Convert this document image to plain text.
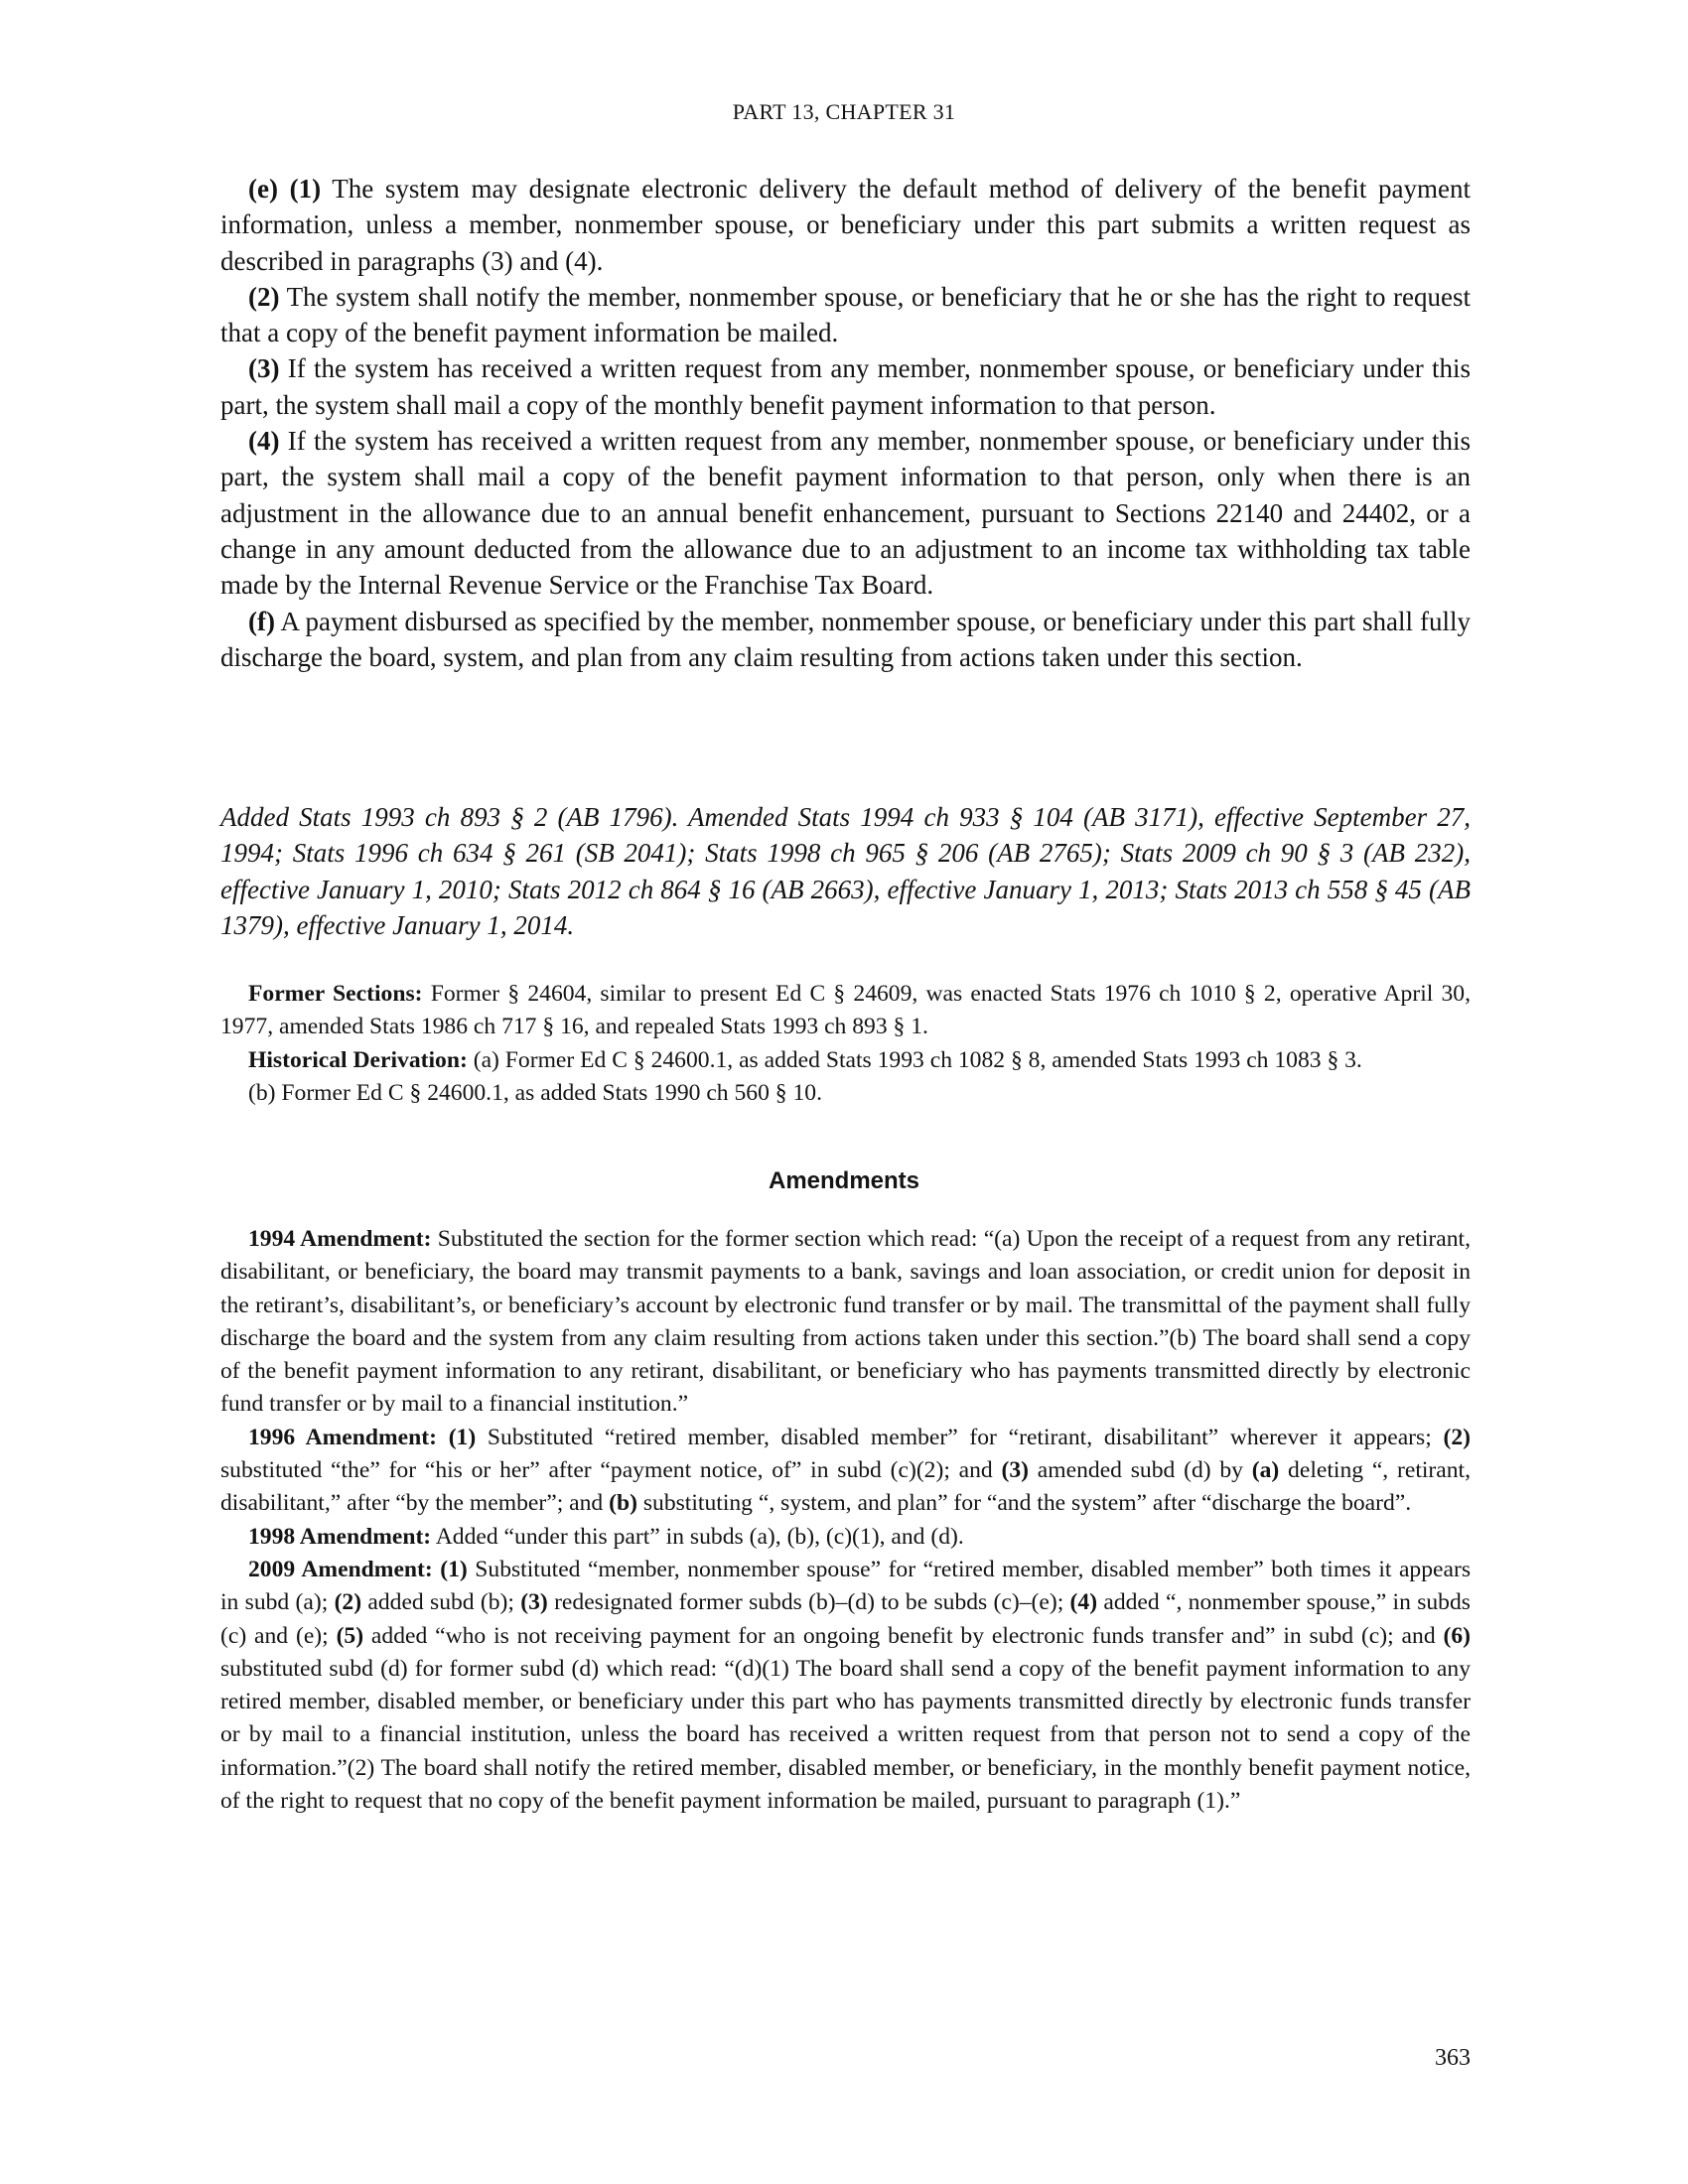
PART 13, CHAPTER 31

(e) (1) The system may designate electronic delivery the default method of delivery of the benefit payment information, unless a member, nonmember spouse, or beneficiary under this part submits a written request as described in paragraphs (3) and (4).

(2) The system shall notify the member, nonmember spouse, or beneficiary that he or she has the right to request that a copy of the benefit payment information be mailed.

(3) If the system has received a written request from any member, nonmember spouse, or beneficiary under this part, the system shall mail a copy of the monthly benefit payment information to that person.

(4) If the system has received a written request from any member, nonmember spouse, or beneficiary under this part, the system shall mail a copy of the benefit payment information to that person, only when there is an adjustment in the allowance due to an annual benefit enhancement, pursuant to Sections 22140 and 24402, or a change in any amount deducted from the allowance due to an adjustment to an income tax withholding tax table made by the Internal Revenue Service or the Franchise Tax Board.

(f) A payment disbursed as specified by the member, nonmember spouse, or beneficiary under this part shall fully discharge the board, system, and plan from any claim resulting from actions taken under this section.

Added Stats 1993 ch 893 § 2 (AB 1796). Amended Stats 1994 ch 933 § 104 (AB 3171), effective September 27, 1994; Stats 1996 ch 634 § 261 (SB 2041); Stats 1998 ch 965 § 206 (AB 2765); Stats 2009 ch 90 § 3 (AB 232), effective January 1, 2010; Stats 2012 ch 864 § 16 (AB 2663), effective January 1, 2013; Stats 2013 ch 558 § 45 (AB 1379), effective January 1, 2014.

Former Sections: Former § 24604, similar to present Ed C § 24609, was enacted Stats 1976 ch 1010 § 2, operative April 30, 1977, amended Stats 1986 ch 717 § 16, and repealed Stats 1993 ch 893 § 1.

Historical Derivation: (a) Former Ed C § 24600.1, as added Stats 1993 ch 1082 § 8, amended Stats 1993 ch 1083 § 3.

(b) Former Ed C § 24600.1, as added Stats 1990 ch 560 § 10.

Amendments

1994 Amendment: Substituted the section for the former section which read: “(a) Upon the receipt of a request from any retirant, disabilitant, or beneficiary, the board may transmit payments to a bank, savings and loan association, or credit union for deposit in the retirant’s, disabilitant’s, or beneficiary’s account by electronic fund transfer or by mail. The transmittal of the payment shall fully discharge the board and the system from any claim resulting from actions taken under this section.”(b) The board shall send a copy of the benefit payment information to any retirant, disabilitant, or beneficiary who has payments transmitted directly by electronic fund transfer or by mail to a financial institution.”

1996 Amendment: (1) Substituted “retired member, disabled member” for “retirant, disabilitant” wherever it appears; (2) substituted “the” for “his or her” after “payment notice, of” in subd (c)(2); and (3) amended subd (d) by (a) deleting “, retirant, disabilitant,” after “by the member”; and (b) substituting “, system, and plan” for “and the system” after “discharge the board”.

1998 Amendment: Added “under this part” in subds (a), (b), (c)(1), and (d).

2009 Amendment: (1) Substituted “member, nonmember spouse” for “retired member, disabled member” both times it appears in subd (a); (2) added subd (b); (3) redesignated former subds (b)–(d) to be subds (c)–(e); (4) added “, nonmember spouse,” in subds (c) and (e); (5) added “who is not receiving payment for an ongoing benefit by electronic funds transfer and” in subd (c); and (6) substituted subd (d) for former subd (d) which read: “(d)(1) The board shall send a copy of the benefit payment information to any retired member, disabled member, or beneficiary under this part who has payments transmitted directly by electronic funds transfer or by mail to a financial institution, unless the board has received a written request from that person not to send a copy of the information.”(2) The board shall notify the retired member, disabled member, or beneficiary, in the monthly benefit payment notice, of the right to request that no copy of the benefit payment information be mailed, pursuant to paragraph (1).”

363
